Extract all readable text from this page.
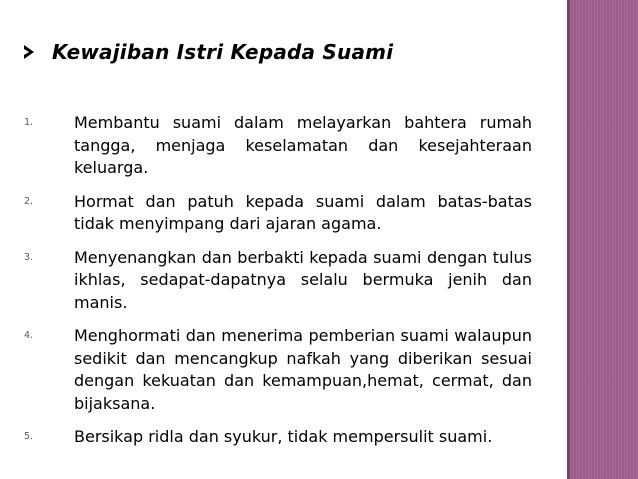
Kewajiban Istri Kepada Suami
1.	Membantu suami dalam melayarkan bahtera rumah tangga, menjaga keselamatan dan kesejahteraan keluarga.
2.	Hormat dan patuh kepada suami dalam batas-batas tidak menyimpang dari ajaran agama.
3.	Menyenangkan dan berbakti kepada suami dengan tulus ikhlas, sedapat-dapatnya selalu bermuka jenih dan manis.
4.	Menghormati dan menerima pemberian suami walaupun sedikit dan mencangkup nafkah yang diberikan sesuai dengan kekuatan dan kemampuan,hemat, cermat, dan bijaksana.
5.	Bersikap ridla dan syukur, tidak mempersulit suami.
